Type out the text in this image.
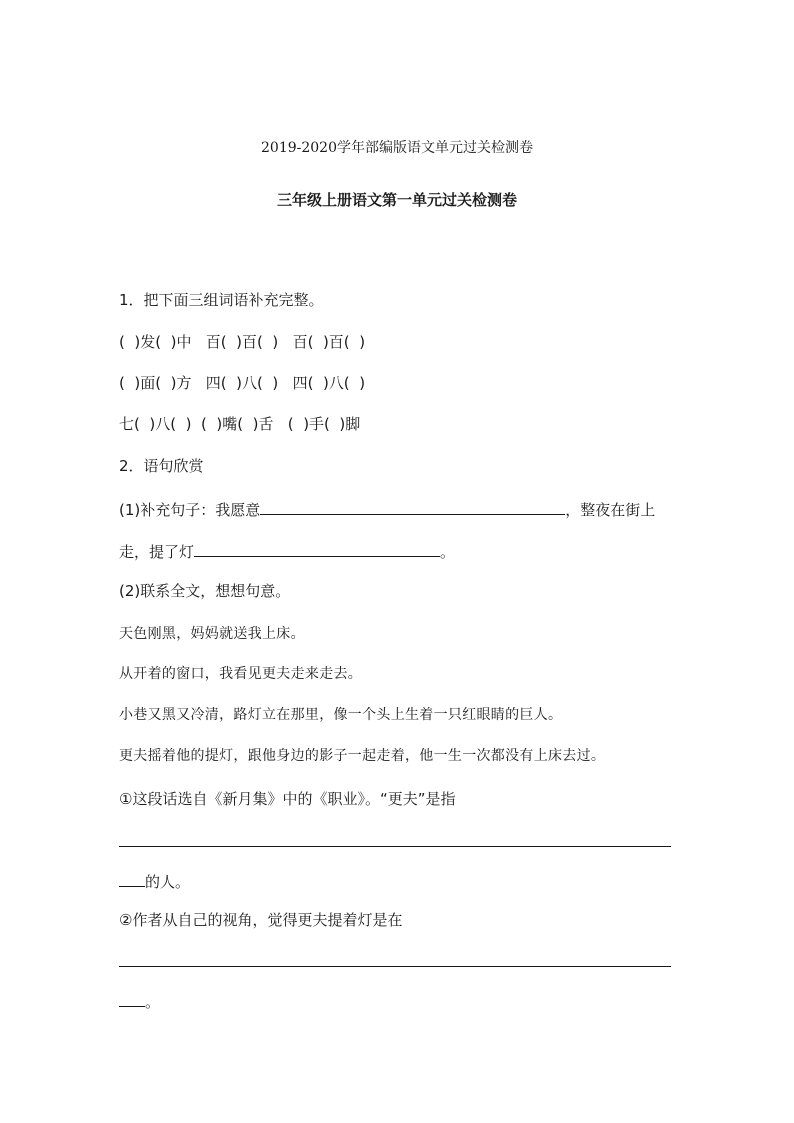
2019-2020学年部编版语文单元过关检测卷
三年级上册语文第一单元过关检测卷
1．把下面三组词语补充完整。
(  )发(  )中   百(  )百(  )   百(  )百(  )
(  )面(  )方   四(  )八(  )   四(  )八(  )
七(  )八(  )  (  )嘴(  )舌   (  )手(  )脚
2．语句欣赏
(1)补充句子：我愿意	，整夜在街上
走，提了灯	。
(2)联系全文，想想句意。
天色刚黑，妈妈就送我上床。
从开着的窗口，我看见更夫走来走去。
小巷又黑又冷清，路灯立在那里，像一个头上生着一只红眼睛的巨人。
更夫摇着他的提灯，跟他身边的影子一起走着，他一生一次都没有上床去过。
①这段话选自《新月集》中的《职业》。“更夫”是指
的人。
②作者从自己的视角，觉得更夫提着灯是在
。
